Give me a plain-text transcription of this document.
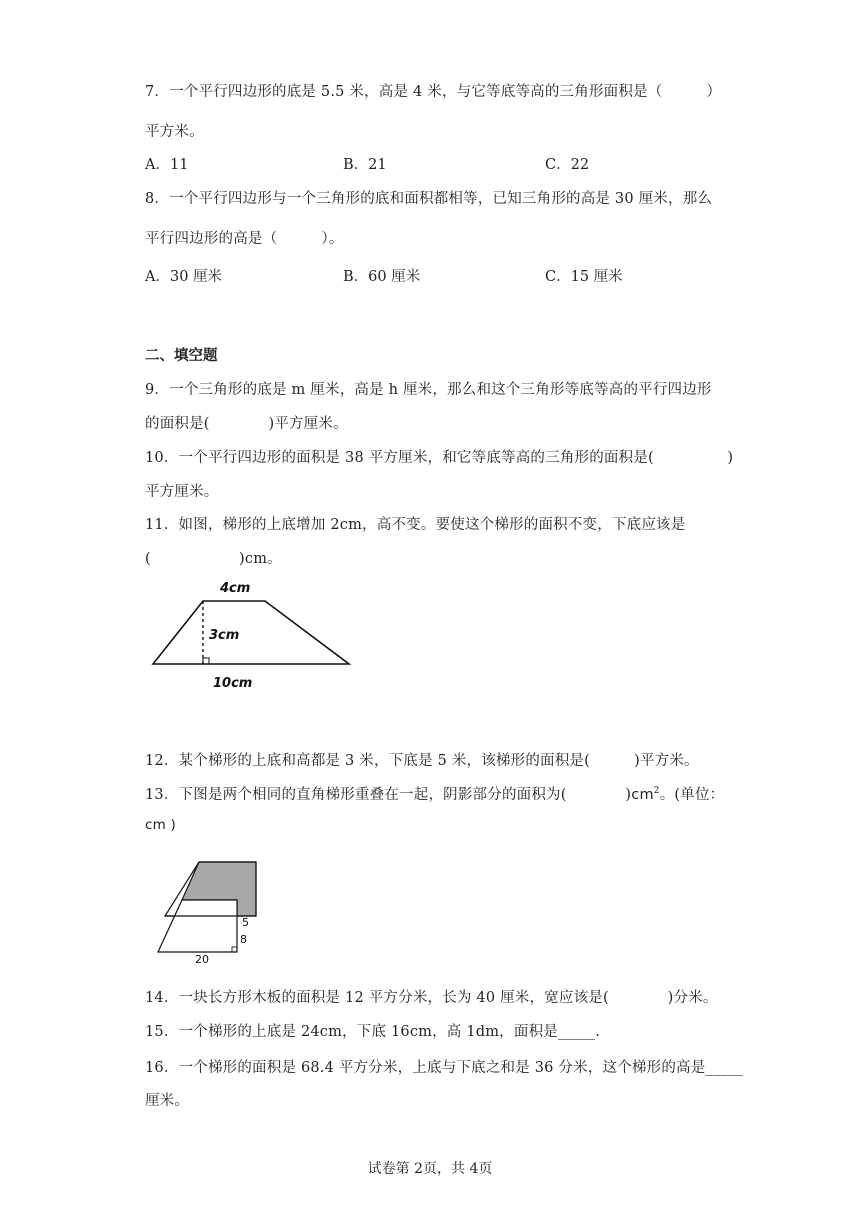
7．一个平行四边形的底是 5.5 米，高是 4 米，与它等底等高的三角形面积是（　　　）
平方米。
A．11	B．21	C．22
8．一个平行四边形与一个三角形的底和面积都相等，已知三角形的高是 30 厘米，那么
平行四边形的高是（　　　）。
A．30 厘米	B．60 厘米	C．15 厘米
二、填空题
9．一个三角形的底是 m 厘米，高是 h 厘米，那么和这个三角形等底等高的平行四边形
的面积是(　　　　)平方厘米。
10．一个平行四边形的面积是 38 平方厘米，和它等底等高的三角形的面积是(　　　　　)
平方厘米。
11．如图，梯形的上底增加 2cm，高不变。要使这个梯形的面积不变，下底应该是
(　　　　　　)cm。
4cm
3cm
10cm
12．某个梯形的上底和高都是 3 米，下底是 5 米，该梯形的面积是(　　　)平方米。
13．下图是两个相同的直角梯形重叠在一起，阴影部分的面积为(　　　　)$cm^2$。(单位：
cm )
5
8
20
14．一块长方形木板的面积是 12 平方分米，长为 40 厘米，宽应该是(　　　　)分米。
15．一个梯形的上底是 24cm，下底 16cm，高 1dm，面积是_____.
16．一个梯形的面积是 68.4 平方分米，上底与下底之和是 36 分米，这个梯形的高是_____
厘米。
试卷第 2页，共 4页
